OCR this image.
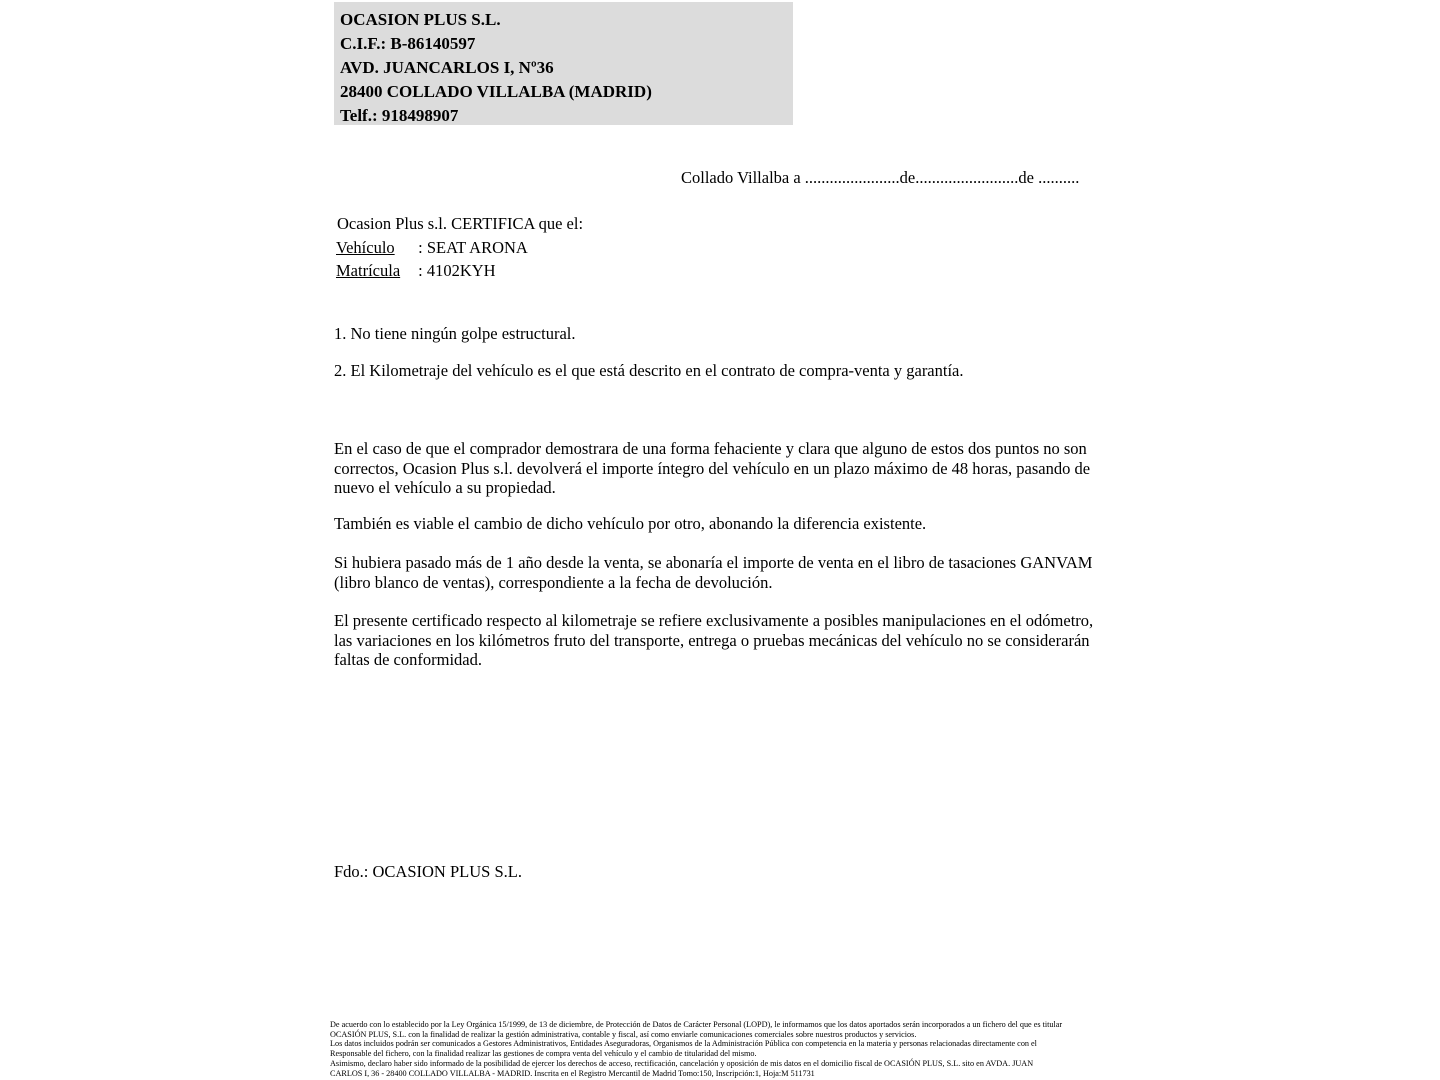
OCASION PLUS S.L.
C.I.F.: B-86140597
AVD. JUANCARLOS I, Nº36
28400 COLLADO VILLALBA (MADRID)
Telf.: 918498907
Collado Villalba a .......................de.........................de ..........
Ocasion Plus s.l. CERTIFICA que el:
Vehículo : SEAT ARONA
Matrícula : 4102KYH
1. No tiene ningún golpe estructural.
2. El Kilometraje del vehículo es el que está descrito en el contrato de compra-venta y garantía.

En el caso de que el comprador demostrara de una forma fehaciente y clara que alguno de estos dos puntos no son correctos, Ocasion Plus s.l. devolverá el importe íntegro del vehículo en un plazo máximo de 48 horas, pasando de nuevo el vehículo a su propiedad.

También es viable el cambio de dicho vehículo por otro, abonando la diferencia existente.

Si hubiera pasado más de 1 año desde la venta, se abonaría el importe de venta en el libro de tasaciones GANVAM (libro blanco de ventas), correspondiente a la fecha de devolución.

El presente certificado respecto al kilometraje se refiere exclusivamente a posibles manipulaciones en el odómetro, las variaciones en los kilómetros fruto del transporte, entrega o pruebas mecánicas del vehículo no se considerarán faltas de conformidad.

Fdo.: OCASION PLUS S.L.
De acuerdo con lo establecido por la Ley Orgánica 15/1999, de 13 de diciembre, de Protección de Datos de Carácter Personal (LOPD), le informamos que los datos aportados serán incorporados a un fichero del que es titular
OCASIÓN PLUS, S.L. con la finalidad de realizar la gestión administrativa, contable y fiscal, así como enviarle comunicaciones comerciales sobre nuestros productos y servicios.
Los datos incluidos podrán ser comunicados a Gestores Administrativos, Entidades Aseguradoras, Organismos de la Administración Pública con competencia en la materia y personas relacionadas directamente con el
Responsable del fichero, con la finalidad realizar las gestiones de compra venta del vehículo y el cambio de titularidad del mismo.
Asimismo, declaro haber sido informado de la posibilidad de ejercer los derechos de acceso, rectificación, cancelación y oposición de mis datos en el domicilio fiscal de OCASIÓN PLUS, S.L. sito en AVDA. JUAN
CARLOS I, 36 - 28400 COLLADO VILLALBA - MADRID. Inscrita en el Registro Mercantil de Madrid Tomo:150, Inscripción:1, Hoja:M 511731
